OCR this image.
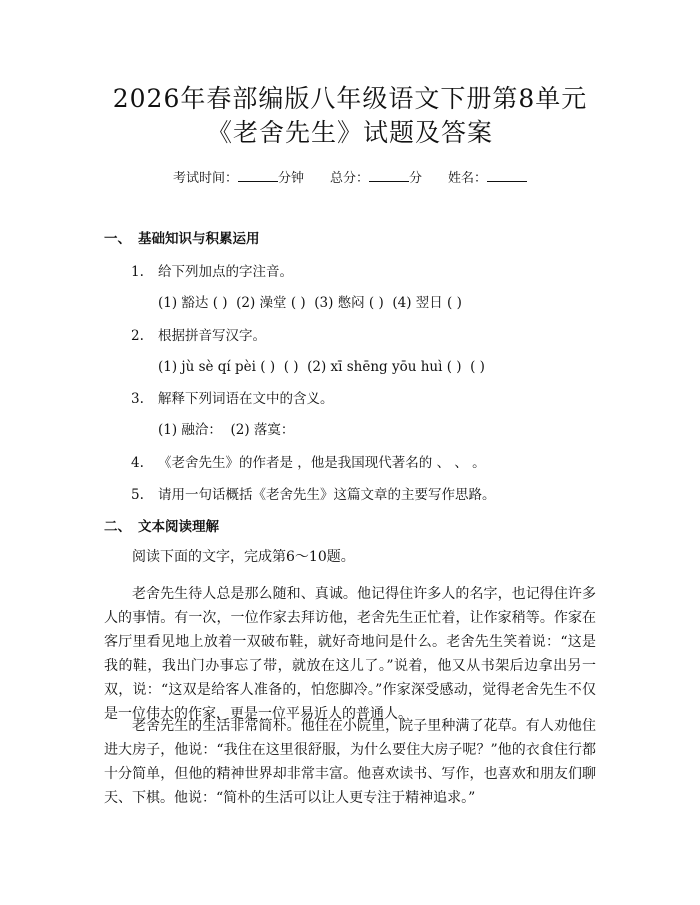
2026年春部编版八年级语文下册第8单元
《老舍先生》试题及答案
考试时间：	分钟 总分：	分 姓名：
一、 基础知识与积累运用
1. 给下列加点的字注音。
(1) 豁达 ( )  (2) 澡堂 ( )  (3) 憋闷 ( )  (4) 翌日 ( )
2. 根据拼音写汉字。
(1) jù sè qí pèi ( )  ( )  (2) xī shēng yōu huì ( )  ( )
3. 解释下列词语在文中的含义。
(1) 融洽：  (2) 落寞：
4. 《老舍先生》的作者是 ，他是我国现代著名的 、 、 。
5. 请用一句话概括《老舍先生》这篇文章的主要写作思路。
二、 文本阅读理解
阅读下面的文字，完成第6～10题。
老舍先生待人总是那么随和、真诚。他记得住许多人的名字，也记得住许多人的事情。有一次，一位作家去拜访他，老舍先生正忙着，让作家稍等。作家在客厅里看见地上放着一双破布鞋，就好奇地问是什么。老舍先生笑着说：“这是我的鞋，我出门办事忘了带，就放在这儿了。”说着，他又从书架后边拿出另一双，说：“这双是给客人准备的，怕您脚冷。”作家深受感动，觉得老舍先生不仅是一位伟大的作家，更是一位平易近人的普通人。
老舍先生的生活非常简朴。他住在小院里，院子里种满了花草。有人劝他住进大房子，他说：“我住在这里很舒服，为什么要住大房子呢？”他的衣食住行都十分简单，但他的精神世界却非常丰富。他喜欢读书、写作，也喜欢和朋友们聊天、下棋。他说：“简朴的生活可以让人更专注于精神追求。”
